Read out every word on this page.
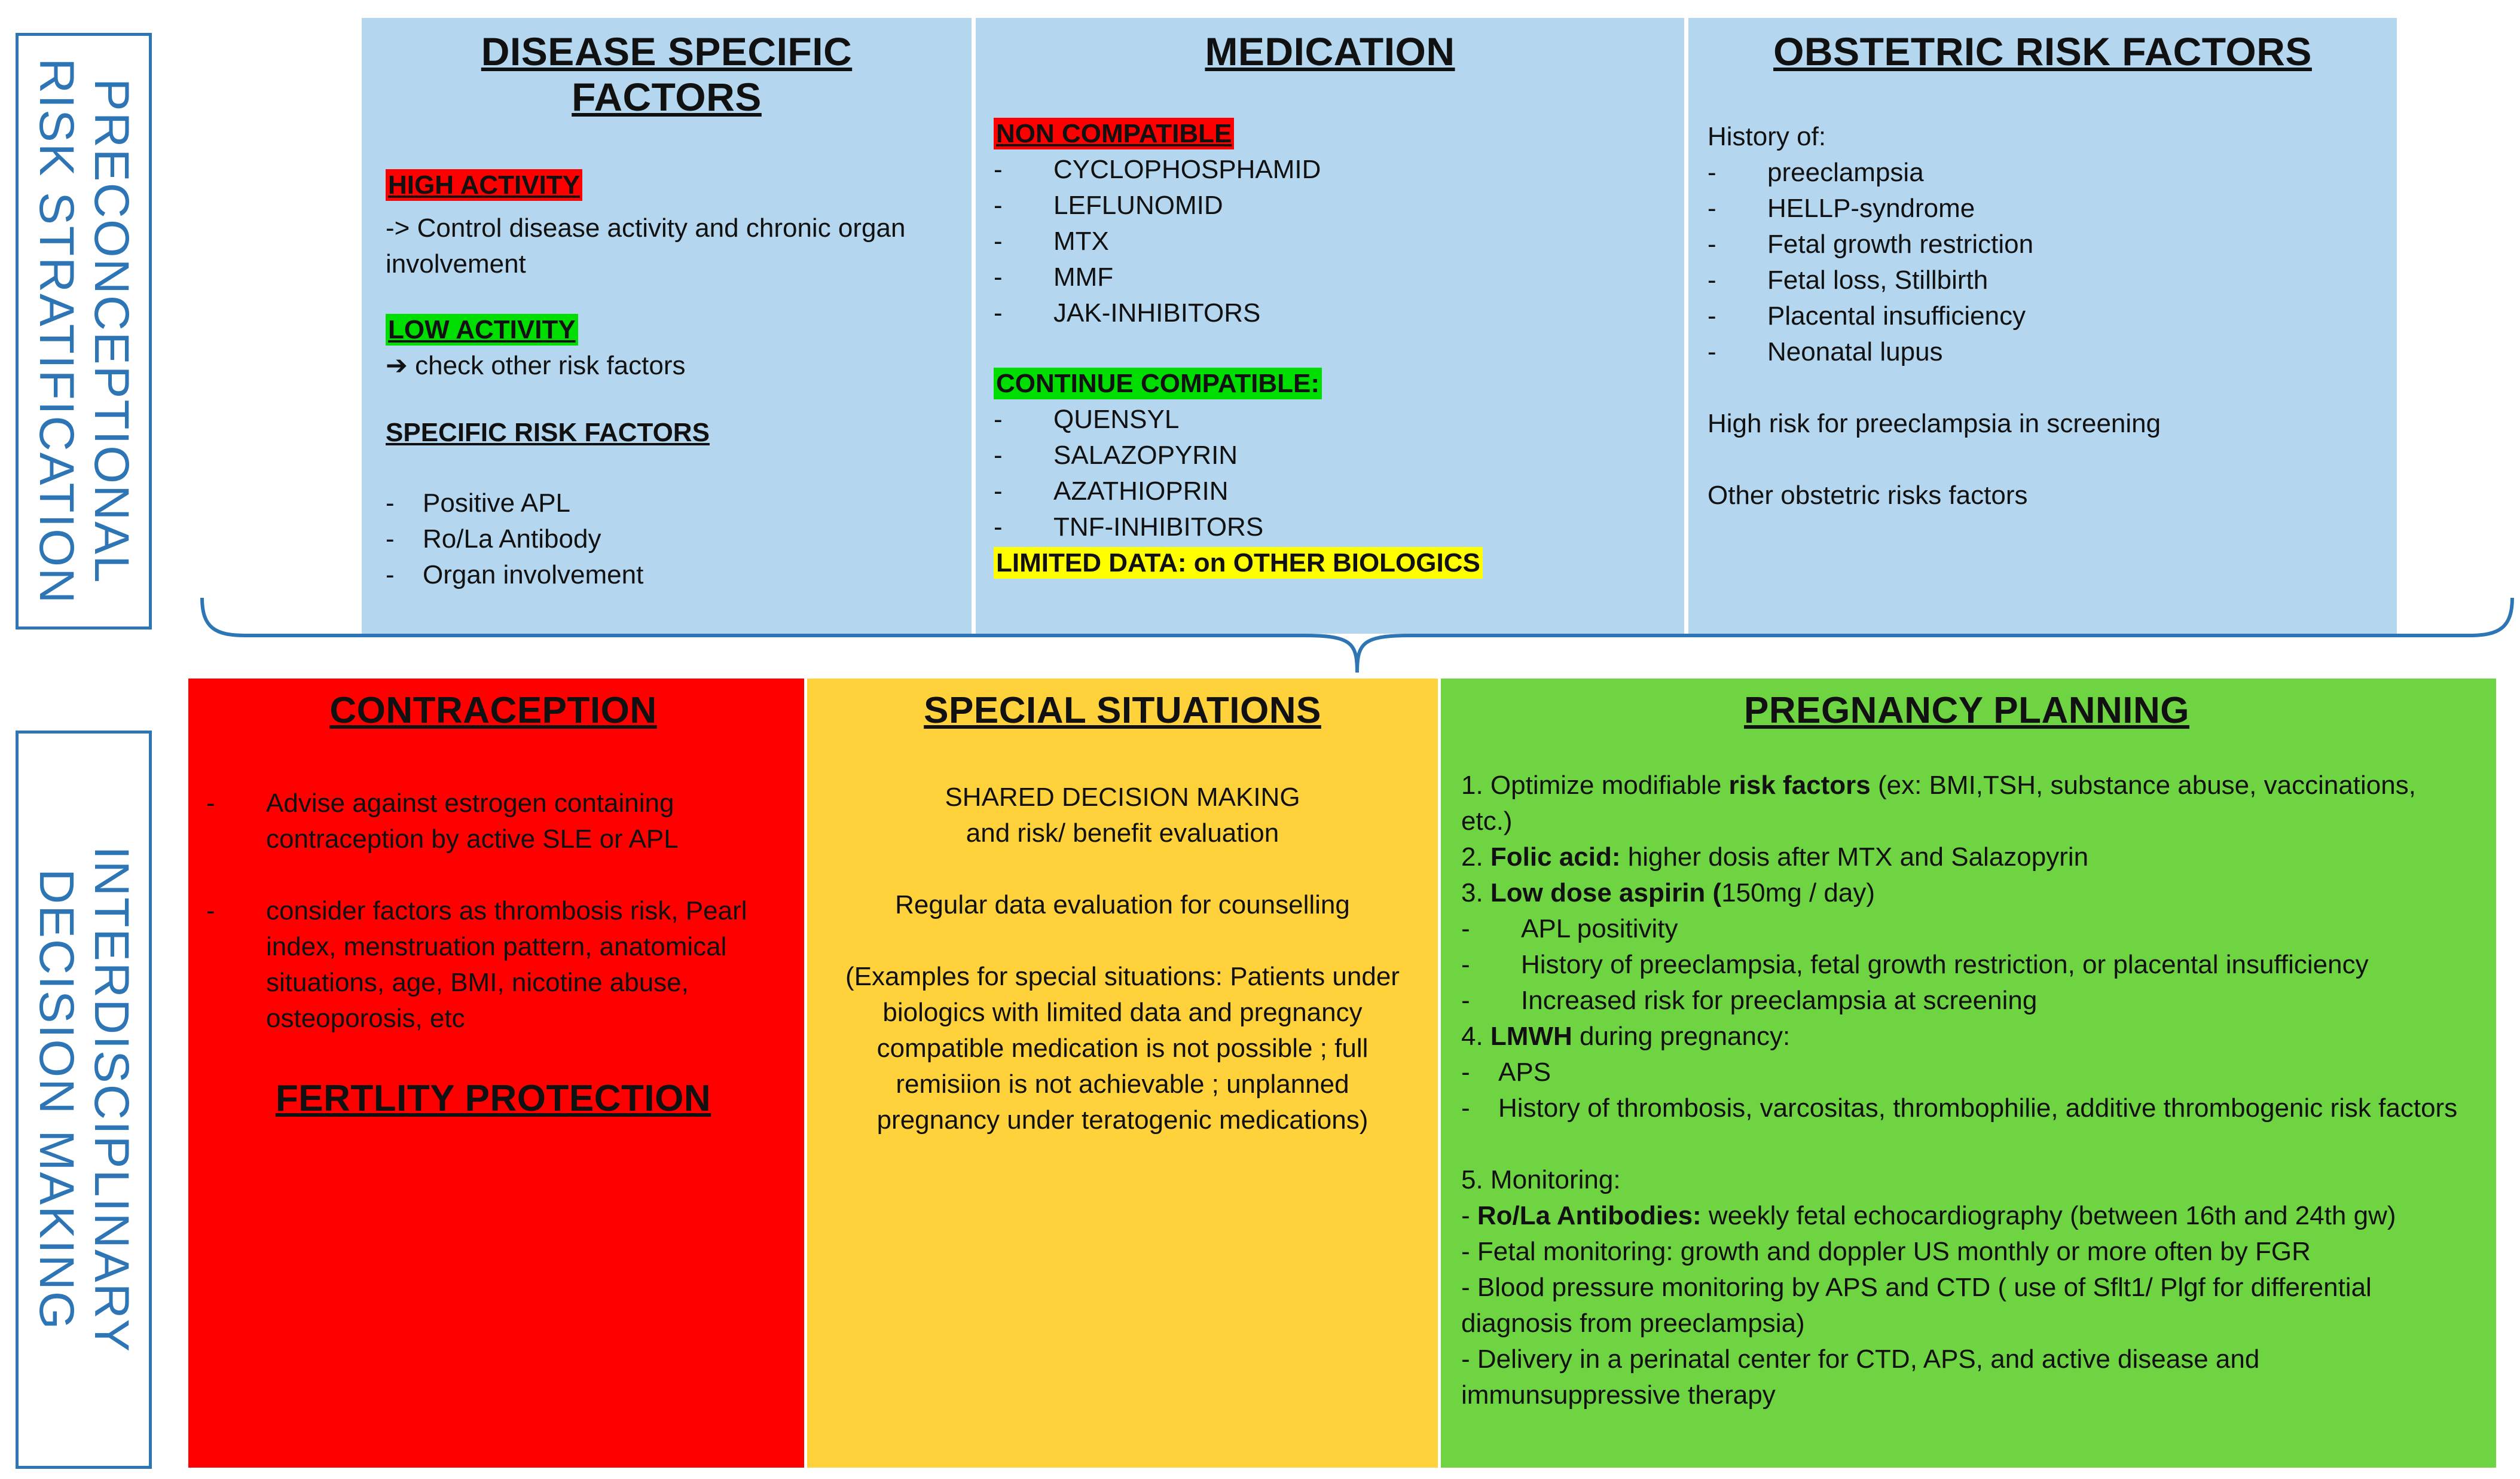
PRECONCEPTIONAL RISK STRATIFICATION
INTERDISCIPLINARY DECISION MAKING
DISEASE SPECIFIC FACTORS
HIGH ACTIVITY
-> Control disease activity and chronic organ involvement
LOW ACTIVITY
➔ check other risk factors
SPECIFIC RISK FACTORS
- Positive APL
- Ro/La Antibody
- Organ involvement
MEDICATION
NON COMPATIBLE
- CYCLOPHOSPHAMID
- LEFLUNOMID
- MTX
- MMF
- JAK-INHIBITORS
CONTINUE COMPATIBLE:
- QUENSYL
- SALAZOPYRIN
- AZATHIOPRIN
- TNF-INHIBITORS
LIMITED DATA: on OTHER BIOLOGICS
OBSTETRIC RISK FACTORS
History of:
- preeclampsia
- HELLP-syndrome
- Fetal growth restriction
- Fetal loss, Stillbirth
- Placental insufficiency
- Neonatal lupus
High risk for preeclampsia in screening
Other obstetric risks factors
CONTRACEPTION
- Advise against estrogen containing contraception by active SLE or APL
- consider factors as thrombosis risk, Pearl index, menstruation pattern, anatomical situations, age, BMI, nicotine abuse, osteoporosis, etc
FERTLITY PROTECTION
SPECIAL SITUATIONS
SHARED DECISION MAKING
and risk/ benefit evaluation
Regular data evaluation for counselling
(Examples for special situations: Patients under biologics with limited data and pregnancy compatible medication is not possible ; full remisiion is not achievable ; unplanned pregnancy under teratogenic medications)
PREGNANCY PLANNING
1. Optimize modifiable risk factors (ex: BMI,TSH, substance abuse, vaccinations, etc.)
2. Folic acid: higher dosis after MTX and Salazopyrin
3. Low dose aspirin (150mg / day)
- APL positivity
- History of preeclampsia, fetal growth restriction, or placental insufficiency
- Increased risk for preeclampsia at screening
4. LMWH during pregnancy:
- APS
- History of thrombosis, varcositas, thrombophilie, additive thrombogenic risk factors
5. Monitoring:
- Ro/La Antibodies: weekly fetal echocardiography (between 16th and 24th gw)
- Fetal monitoring: growth and doppler US monthly or more often by FGR
- Blood pressure monitoring by APS and CTD ( use of Sflt1/ Plgf for differential diagnosis from preeclampsia)
- Delivery in a perinatal center for CTD, APS, and active disease and immunsuppressive therapy
